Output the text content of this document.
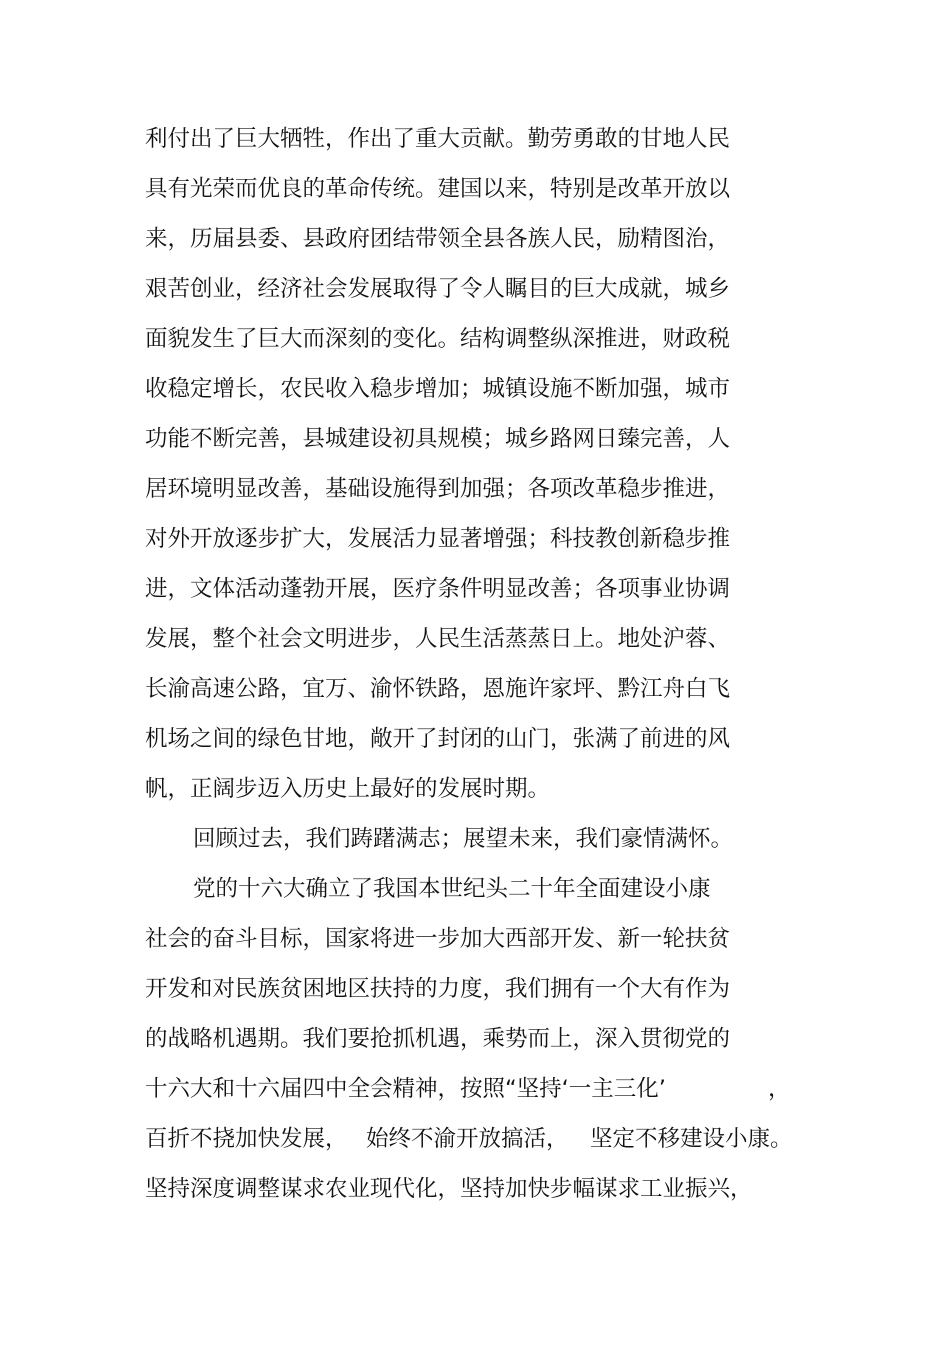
利付出了巨大牺牲，作出了重大贡献。勤劳勇敢的甘地人民
具有光荣而优良的革命传统。建国以来，特别是改革开放以
来，历届县委、县政府团结带领全县各族人民，励精图治，
艰苦创业，经济社会发展取得了令人瞩目的巨大成就，城乡
面貌发生了巨大而深刻的变化。结构调整纵深推进，财政税
收稳定增长，农民收入稳步增加；城镇设施不断加强，城市
功能不断完善，县城建设初具规模；城乡路网日臻完善，人
居环境明显改善，基础设施得到加强；各项改革稳步推进，
对外开放逐步扩大，发展活力显著增强；科技教创新稳步推
进，文体活动蓬勃开展，医疗条件明显改善；各项事业协调
发展，整个社会文明进步，人民生活蒸蒸日上。地处沪蓉、
长渝高速公路，宜万、渝怀铁路，恩施许家坪、黔江舟白飞
机场之间的绿色甘地，敞开了封闭的山门，张满了前进的风
帆，正阔步迈入历史上最好的发展时期。
回顾过去，我们踌躇满志；展望未来，我们豪情满怀。
党的十六大确立了我国本世纪头二十年全面建设小康
社会的奋斗目标，国家将进一步加大西部开发、新一轮扶贫
开发和对民族贫困地区扶持的力度，我们拥有一个大有作为
的战略机遇期。我们要抢抓机遇，乘势而上，深入贯彻党的
十六大和十六届四中全会精神，按照“坚持‘一主三化’	，
百折不挠加快发展， 始终不渝开放搞活， 坚定不移建设小康。
坚持深度调整谋求农业现代化，坚持加快步幅谋求工业振兴，
